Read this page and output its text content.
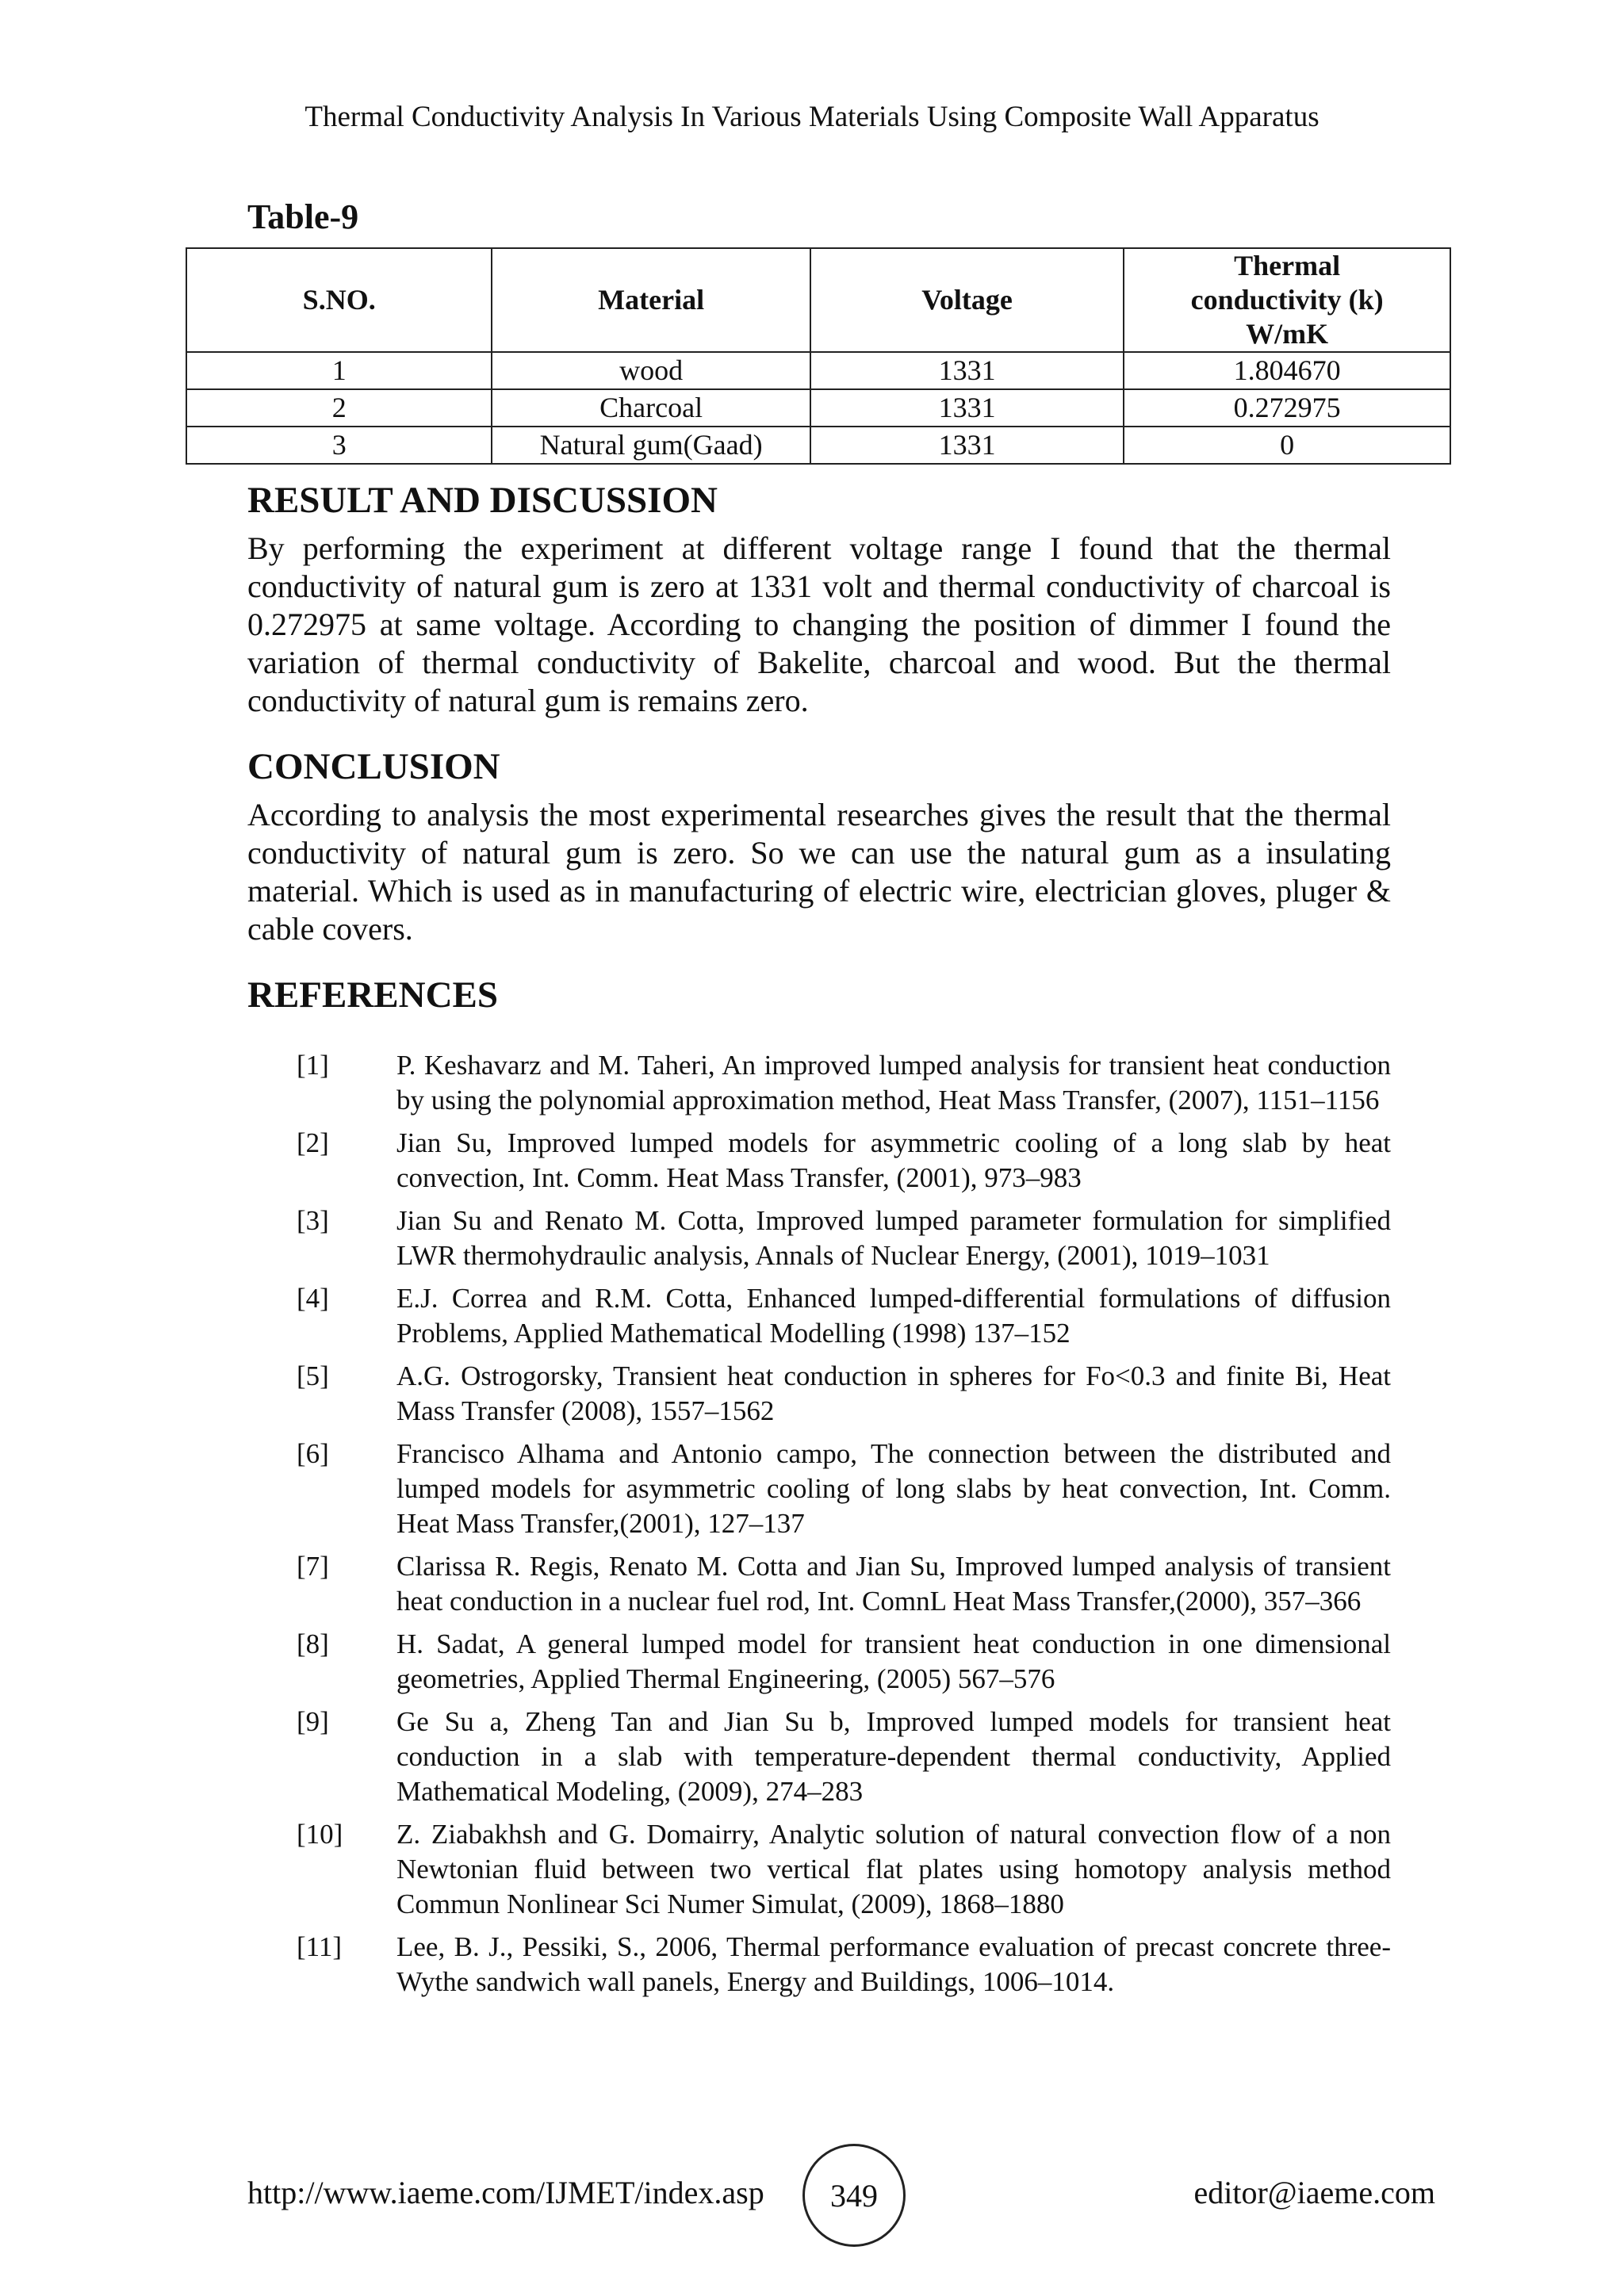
Thermal Conductivity Analysis In Various Materials Using Composite Wall Apparatus
Table-9
S.NO.	Material	Voltage	Thermal conductivity (k) W/mK
1	wood	1331	1.804670
2	Charcoal	1331	0.272975
3	Natural gum(Gaad)	1331	0
RESULT AND DISCUSSION
By performing the experiment at different voltage range I found that the thermal conductivity of natural gum is zero at 1331 volt and thermal conductivity of charcoal is 0.272975 at same voltage. According to changing the position of dimmer I found the variation of thermal conductivity of Bakelite, charcoal and wood. But the thermal conductivity of natural gum is remains zero.
CONCLUSION
According to analysis the most experimental researches gives the result that the thermal conductivity of natural gum is zero. So we can use the natural gum as a insulating material. Which is used as in manufacturing of electric wire, electrician gloves, pluger & cable covers.
REFERENCES
[1] P. Keshavarz and M. Taheri, An improved lumped analysis for transient heat conduction by using the polynomial approximation method, Heat Mass Transfer, (2007), 1151–1156
[2] Jian Su, Improved lumped models for asymmetric cooling of a long slab by heat convection, Int. Comm. Heat Mass Transfer, (2001), 973–983
[3] Jian Su and Renato M. Cotta, Improved lumped parameter formulation for simplified LWR thermohydraulic analysis, Annals of Nuclear Energy, (2001), 1019–1031
[4] E.J. Correa and R.M. Cotta, Enhanced lumped-differential formulations of diffusion Problems, Applied Mathematical Modelling (1998) 137–152
[5] A.G. Ostrogorsky, Transient heat conduction in spheres for Fo<0.3 and finite Bi, Heat Mass Transfer (2008), 1557–1562
[6] Francisco Alhama and Antonio campo, The connection between the distributed and lumped models for asymmetric cooling of long slabs by heat convection, Int. Comm. Heat Mass Transfer,(2001), 127–137
[7] Clarissa R. Regis, Renato M. Cotta and Jian Su, Improved lumped analysis of transient heat conduction in a nuclear fuel rod, Int. ComnL Heat Mass Transfer,(2000), 357–366
[8] H. Sadat, A general lumped model for transient heat conduction in one dimensional geometries, Applied Thermal Engineering, (2005) 567–576
[9] Ge Su a, Zheng Tan and Jian Su b, Improved lumped models for transient heat conduction in a slab with temperature-dependent thermal conductivity, Applied Mathematical Modeling, (2009), 274–283
[10] Z. Ziabakhsh and G. Domairry, Analytic solution of natural convection flow of a non Newtonian fluid between two vertical flat plates using homotopy analysis method Commun Nonlinear Sci Numer Simulat, (2009), 1868–1880
[11] Lee, B. J., Pessiki, S., 2006, Thermal performance evaluation of precast concrete three-Wythe sandwich wall panels, Energy and Buildings, 1006–1014.
http://www.iaeme.com/IJMET/index.asp	349	editor@iaeme.com
